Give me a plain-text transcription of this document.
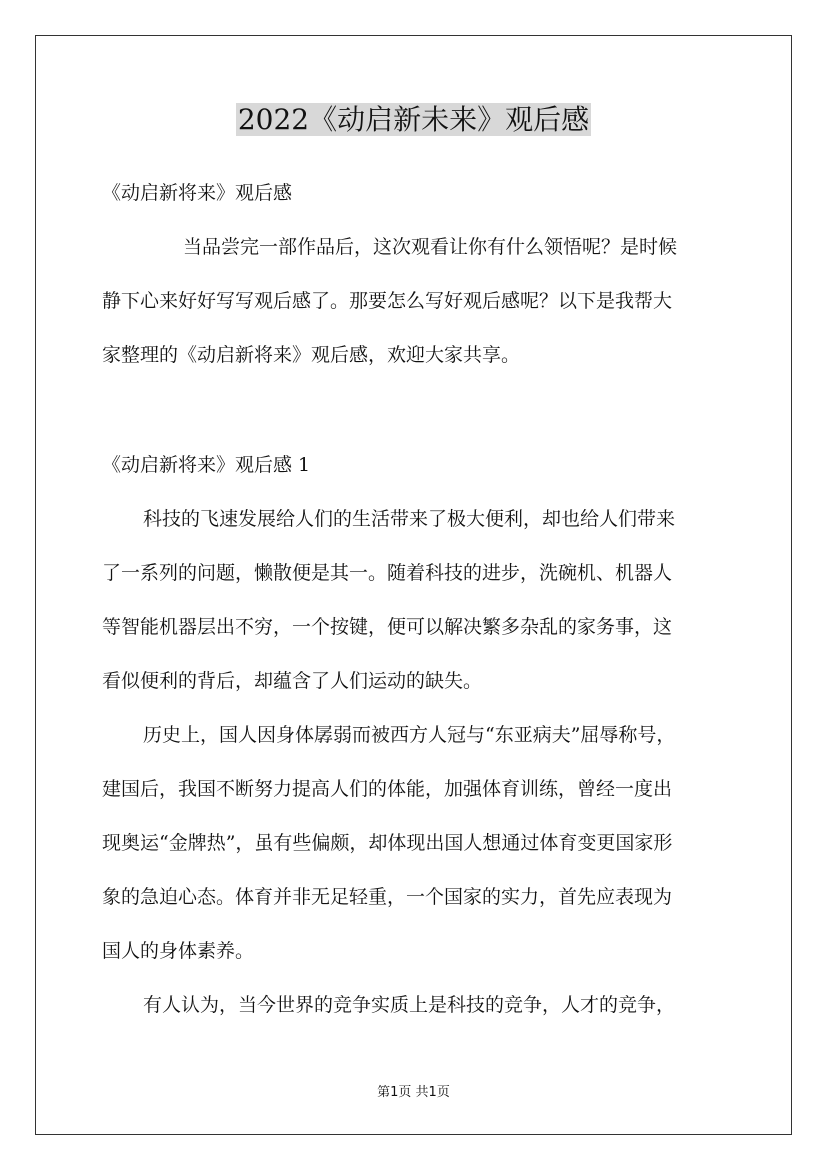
2022《动启新未来》观后感

《动启新将来》观后感

当品尝完一部作品后，这次观看让你有什么领悟呢？是时候

静下心来好好写写观后感了。那要怎么写好观后感呢？以下是我帮大

家整理的《动启新将来》观后感，欢迎大家共享。

《动启新将来》观后感 1

科技的飞速发展给人们的生活带来了极大便利，却也给人们带来

了一系列的问题，懒散便是其一。随着科技的进步，洗碗机、机器人

等智能机器层出不穷，一个按键，便可以解决繁多杂乱的家务事，这

看似便利的背后，却蕴含了人们运动的缺失。

历史上，国人因身体孱弱而被西方人冠与“东亚病夫”屈辱称号，

建国后，我国不断努力提高人们的体能，加强体育训练，曾经一度出

现奥运“金牌热”，虽有些偏颇，却体现出国人想通过体育变更国家形

象的急迫心态。体育并非无足轻重，一个国家的实力，首先应表现为

国人的身体素养。

有人认为，当今世界的竞争实质上是科技的竞争，人才的竞争，

第1页 共1页
